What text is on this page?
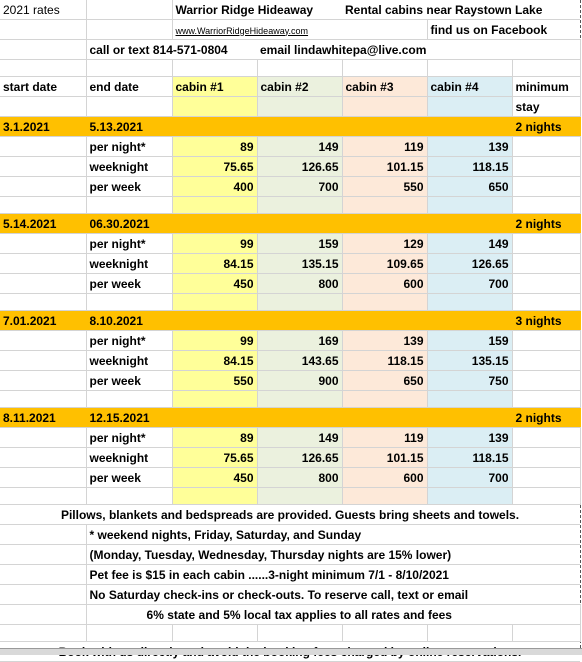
2021 rates		Warrior Ridge Hideaway		Rental cabins near Raystown Lake		
		www.WarriorRidgeHideaway.com			find us on Facebook	
	call or text 814-571-0804		email lindawhitepa@live.com			

start date	end date	cabin #1	cabin #2	cabin #3	cabin #4	minimum
						stay
3.1.2021	5.13.2021					2 nights
	per night*	89	149	119	139	
	weeknight	75.65	126.65	101.15	118.15	
	per week	400	700	550	650	

5.14.2021	06.30.2021					2 nights
	per night*	99	159	129	149	
	weeknight	84.15	135.15	109.65	126.65	
	per week	450	800	600	700	

7.01.2021	8.10.2021					3 nights
	per night*	99	169	139	159	
	weeknight	84.15	143.65	118.15	135.15	
	per week	550	900	650	750	

8.11.2021	12.15.2021					2 nights
	per night*	89	149	119	139	
	weeknight	75.65	126.65	101.15	118.15	
	per week	450	800	600	700	

Pillows, blankets and bedspreads are provided. Guests bring sheets and towels.						
	* weekend nights, Friday, Saturday, and Sunday					
	(Monday, Tuesday, Wednesday, Thursday nights are 15% lower)					
	Pet fee is $15 in each cabin ......3-night minimum 7/1 - 8/10/2021					
	No Saturday check-ins or check-outs. To reserve call, text or email					
	6% state and 5% local tax applies to all rates and fees					
